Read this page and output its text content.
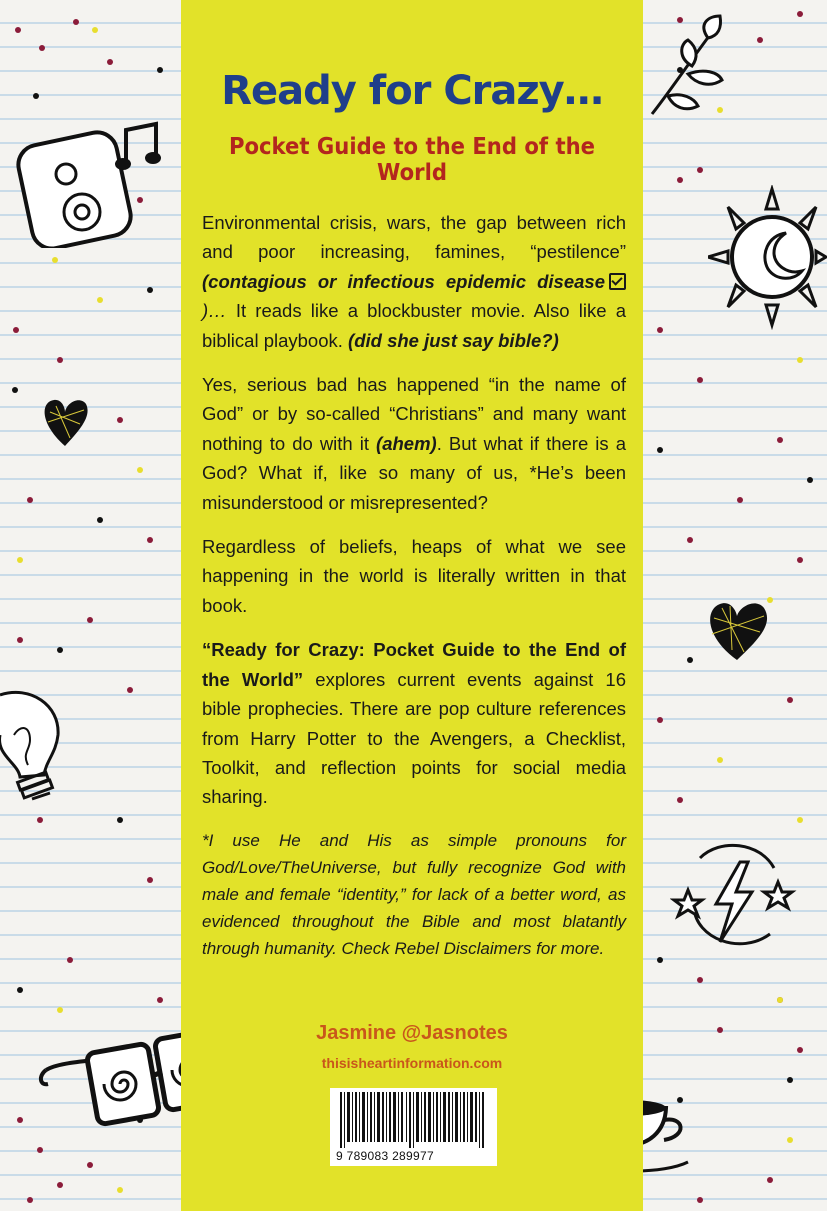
Ready for Crazy…
Pocket Guide to the End of the World

Environmental crisis, wars, the gap between rich and poor increasing, famines, “pestilence” (contagious or infectious epidemic disease)… It reads like a blockbuster movie. Also like a biblical playbook. (did she just say bible?)

Yes, serious bad has happened “in the name of God” or by so-called “Christians” and many want nothing to do with it (ahem). But what if there is a God? What if, like so many of us, *He’s been misunderstood or misrepresented?

Regardless of beliefs, heaps of what we see happening in the world is literally written in that book.

“Ready for Crazy: Pocket Guide to the End of the World” explores current events against 16 bible prophecies. There are pop culture references from Harry Potter to the Avengers, a Checklist, Toolkit, and reflection points for social media sharing.

*I use He and His as simple pronouns for God/Love/TheUniverse, but fully recognize God with male and female “identity,” for lack of a better word, as evidenced throughout the Bible and most blatantly through humanity. Check Rebel Disclaimers for more.

Jasmine @Jasnotes

thisisheartinformation.com

9 789083 289977
